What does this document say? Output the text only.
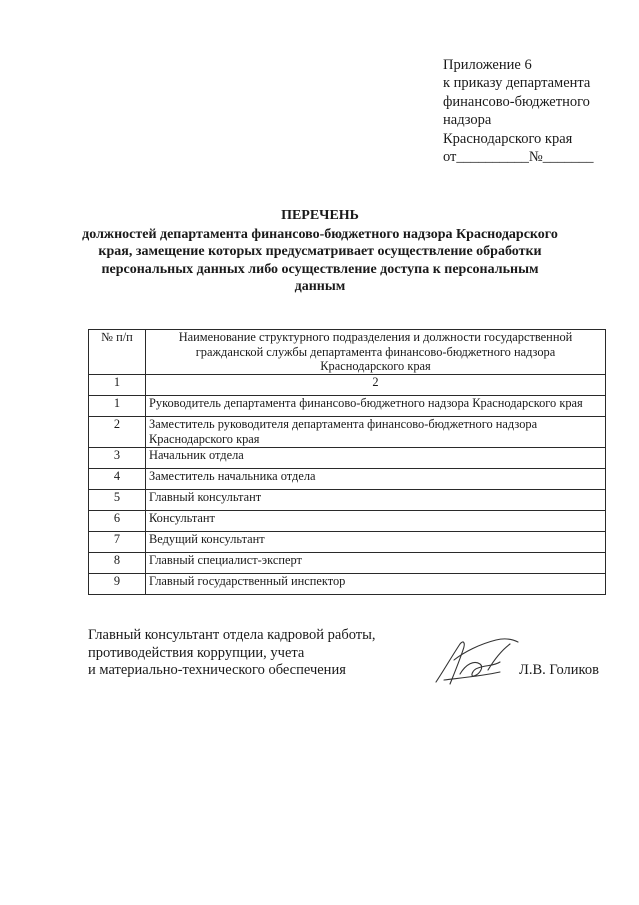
Приложение 6
к приказу департамента
финансово-бюджетного
надзора
Краснодарского края
от__________№_______
ПЕРЕЧЕНЬ
должностей департамента финансово-бюджетного надзора Краснодарского
края, замещение которых предусматривает осуществление обработки
персональных данных либо осуществление доступа к персональным
данным
№ п/п	Наименование структурного подразделения и должности государственной
гражданской службы департамента финансово-бюджетного надзора
Краснодарского края

1	2
1	Руководитель департамента финансово-бюджетного надзора Краснодарского края

2	Заместитель руководителя департамента финансово-бюджетного надзора
Краснодарского края

3	Начальник отдела

4	Заместитель начальника отдела

5	Главный консультант

6	Консультант

7	Ведущий консультант

8	Главный специалист-эксперт

9	Главный государственный инспектор
Главный консультант отдела кадровой работы,
противодействия коррупции, учета
и материально-технического обеспечения	Л.В. Голиков
